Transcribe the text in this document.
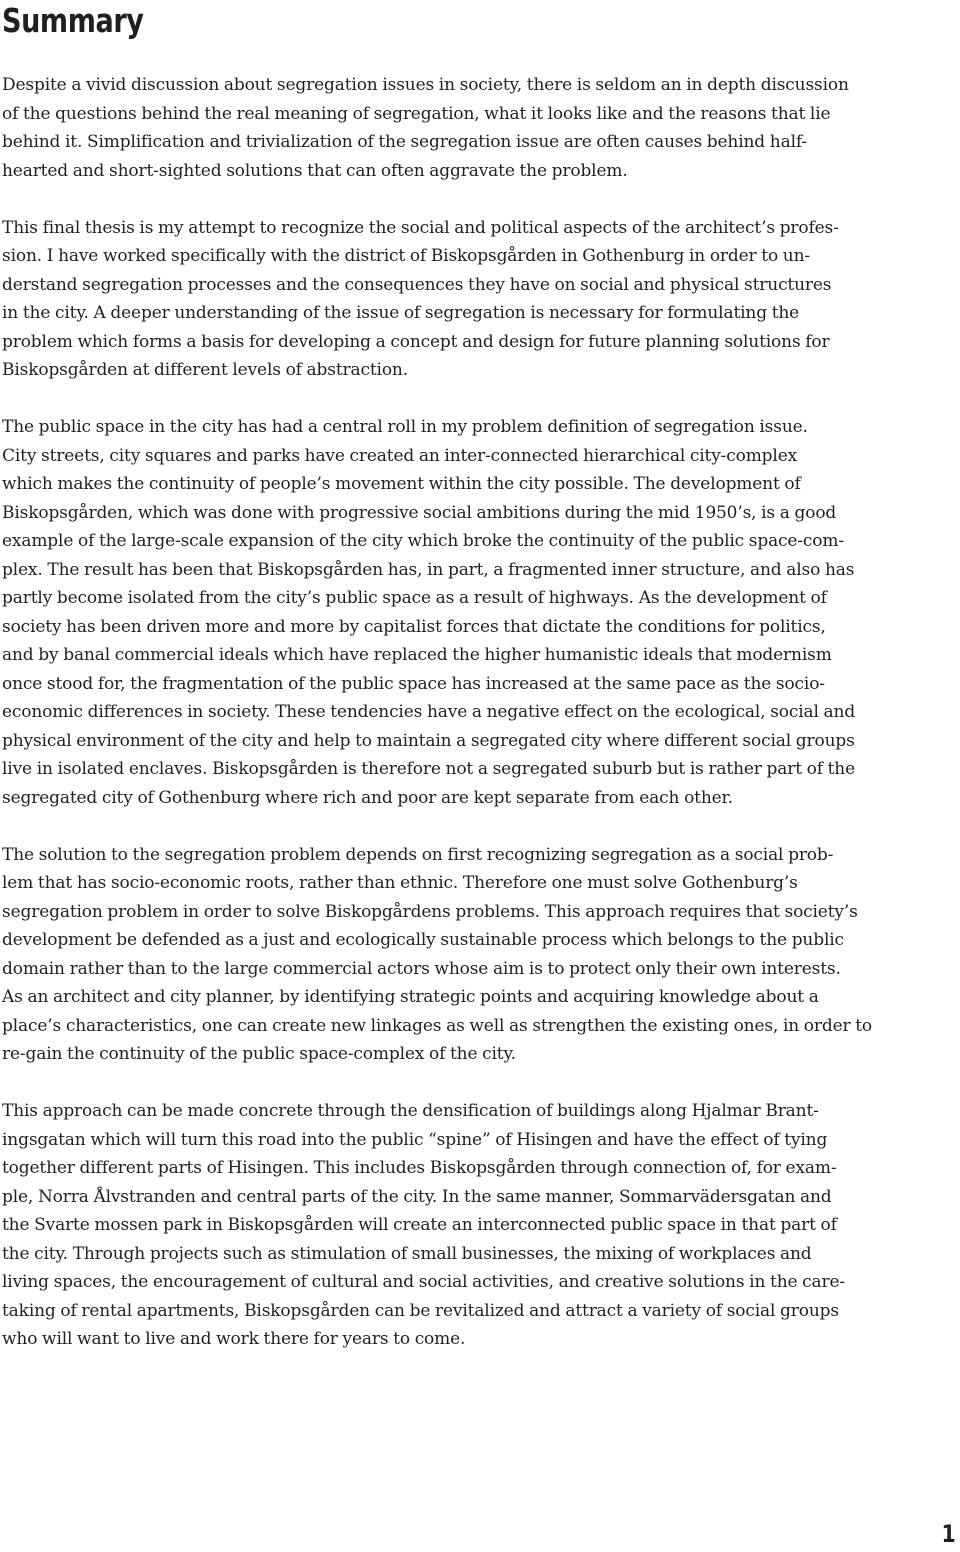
Summary
Despite a vivid discussion about segregation issues in society, there is seldom an in depth discussion
of the questions behind the real meaning of segregation, what it looks like and the reasons that lie
behind it. Simplification and trivialization of the segregation issue are often causes behind half-
hearted and short-sighted solutions that can often aggravate the problem.
This final thesis is my attempt to recognize the social and political aspects of the architect’s profes-
sion. I have worked specifically with the district of Biskopsgården in Gothenburg in order to un-
derstand segregation processes and the consequences they have on social and physical structures
in the city. A deeper understanding of the issue of segregation is necessary for formulating the
problem which forms a basis for developing a concept and design for future planning solutions for
Biskopsgården at different levels of abstraction.
The public space in the city has had a central roll in my problem definition of segregation issue.
City streets, city squares and parks have created an inter-connected hierarchical city-complex
which makes the continuity of people’s movement within the city possible. The development of
Biskopsgården, which was done with progressive social ambitions during the mid 1950’s, is a good
example of the large-scale expansion of the city which broke the continuity of the public space-com-
plex. The result has been that Biskopsgården has, in part, a fragmented inner structure, and also has
partly become isolated from the city’s public space as a result of highways. As the development of
society has been driven more and more by capitalist forces that dictate the conditions for politics,
and by banal commercial ideals which have replaced the higher humanistic ideals that modernism
once stood for, the fragmentation of the public space has increased at the same pace as the socio-
economic differences in society. These tendencies have a negative effect on the ecological, social and
physical environment of the city and help to maintain a segregated city where different social groups
live in isolated enclaves. Biskopsgården is therefore not a segregated suburb but is rather part of the
segregated city of Gothenburg where rich and poor are kept separate from each other.
The solution to the segregation problem depends on first recognizing segregation as a social prob-
lem that has socio-economic roots, rather than ethnic. Therefore one must solve Gothenburg’s
segregation problem in order to solve Biskopgårdens problems. This approach requires that society’s
development be defended as a just and ecologically sustainable process which belongs to the public
domain rather than to the large commercial actors whose aim is to protect only their own interests.
As an architect and city planner, by identifying strategic points and acquiring knowledge about a
place’s characteristics, one can create new linkages as well as strengthen the existing ones, in order to
re-gain the continuity of the public space-complex of the city.
This approach can be made concrete through the densification of buildings along Hjalmar Brant-
ingsgatan which will turn this road into the public “spine” of Hisingen and have the effect of tying
together different parts of Hisingen. This includes Biskopsgården through connection of, for exam-
ple, Norra Ålvstranden and central parts of the city. In the same manner, Sommarvädersgatan and
the Svarte mossen park in Biskopsgården will create an interconnected public space in that part of
the city. Through projects such as stimulation of small businesses, the mixing of workplaces and
living spaces, the encouragement of cultural and social activities, and creative solutions in the care-
taking of rental apartments, Biskopsgården can be revitalized and attract a variety of social groups
who will want to live and work there for years to come.
1
